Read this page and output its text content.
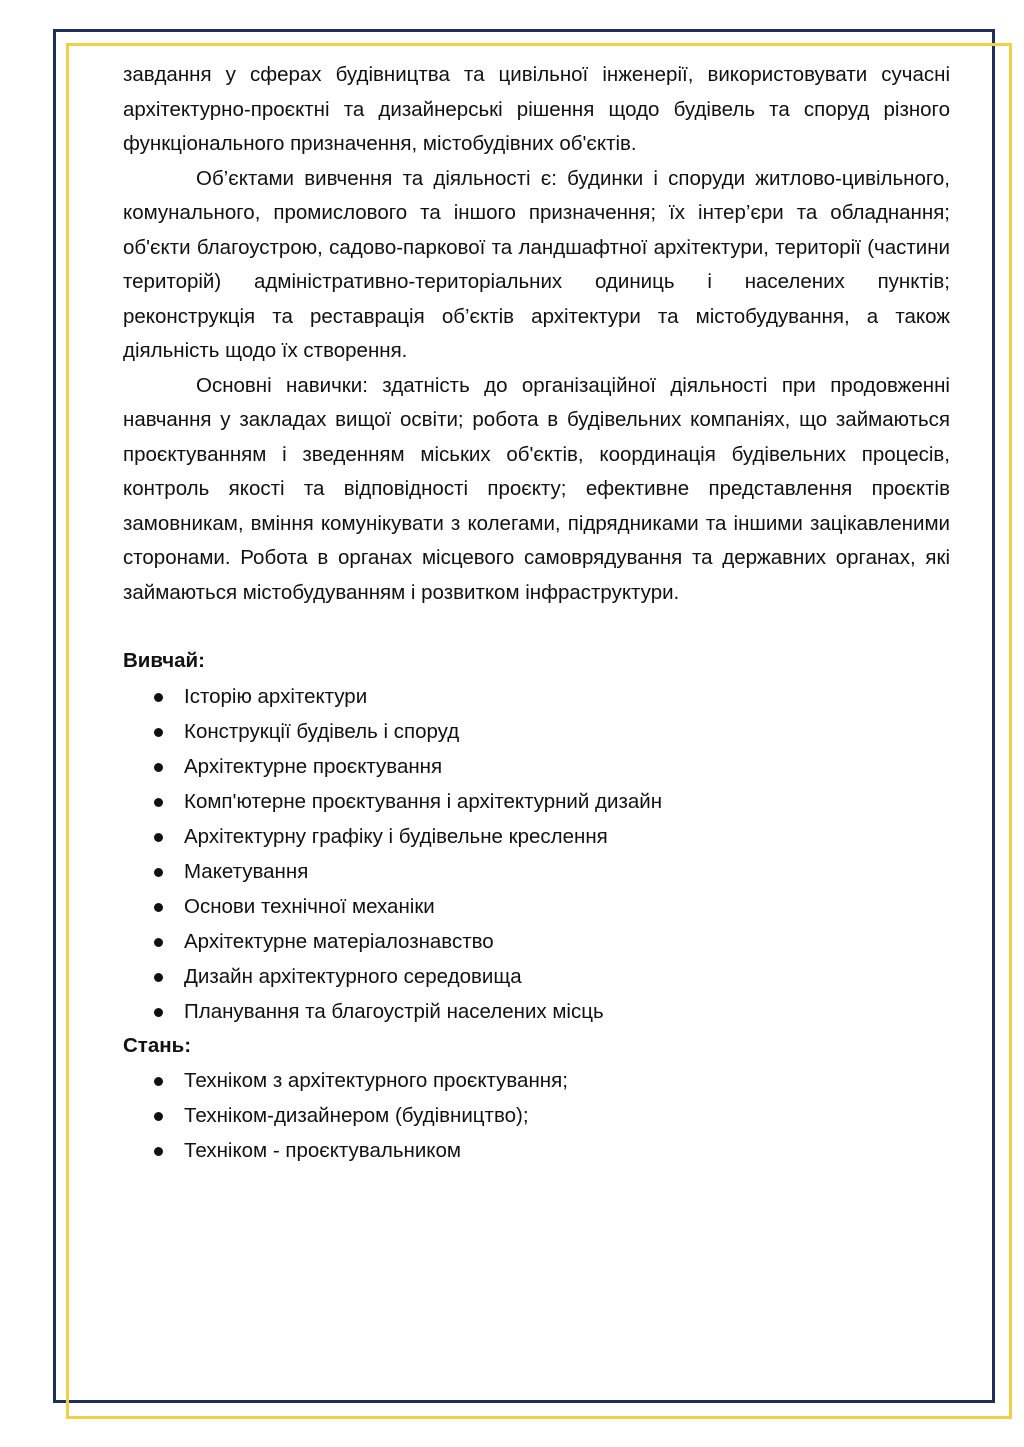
завдання у сферах будівництва та цивільної інженерії, використовувати сучасні архітектурно-проєктні та дизайнерські рішення щодо будівель та споруд різного функціонального призначення, містобудівних об'єктів.

Об’єктами вивчення та діяльності є: будинки і споруди житлово-цивільного, комунального, промислового та іншого призначення; їх інтер’єри та обладнання; об'єкти благоустрою, садово-паркової та ландшафтної архітектури, території (частини територій) адміністративно-територіальних одиниць і населених пунктів; реконструкція та реставрація об’єктів архітектури та містобудування, а також діяльність щодо їх створення.

Основні навички: здатність до організаційної діяльності при продовженні навчання у закладах вищої освіти; робота в будівельних компаніях, що займаються проєктуванням і зведенням міських об'єктів, координація будівельних процесів, контроль якості та відповідності проєкту; ефективне представлення проєктів замовникам, вміння комунікувати з колегами, підрядниками та іншими зацікавленими сторонами. Робота в органах місцевого самоврядування та державних органах, які займаються містобудуванням і розвитком інфраструктури.

Вивчай:

Історію архітектури
Конструкції будівель і споруд
Архітектурне проєктування
Комп'ютерне проєктування і архітектурний дизайн
Архітектурну графіку і будівельне креслення
Макетування
Основи технічної механіки
Архітектурне матеріалознавство
Дизайн архітектурного середовища
Планування та благоустрій населених місць

Стань:

Техніком з архітектурного проєктування;
Техніком-дизайнером (будівництво);
Техніком - проєктувальником
